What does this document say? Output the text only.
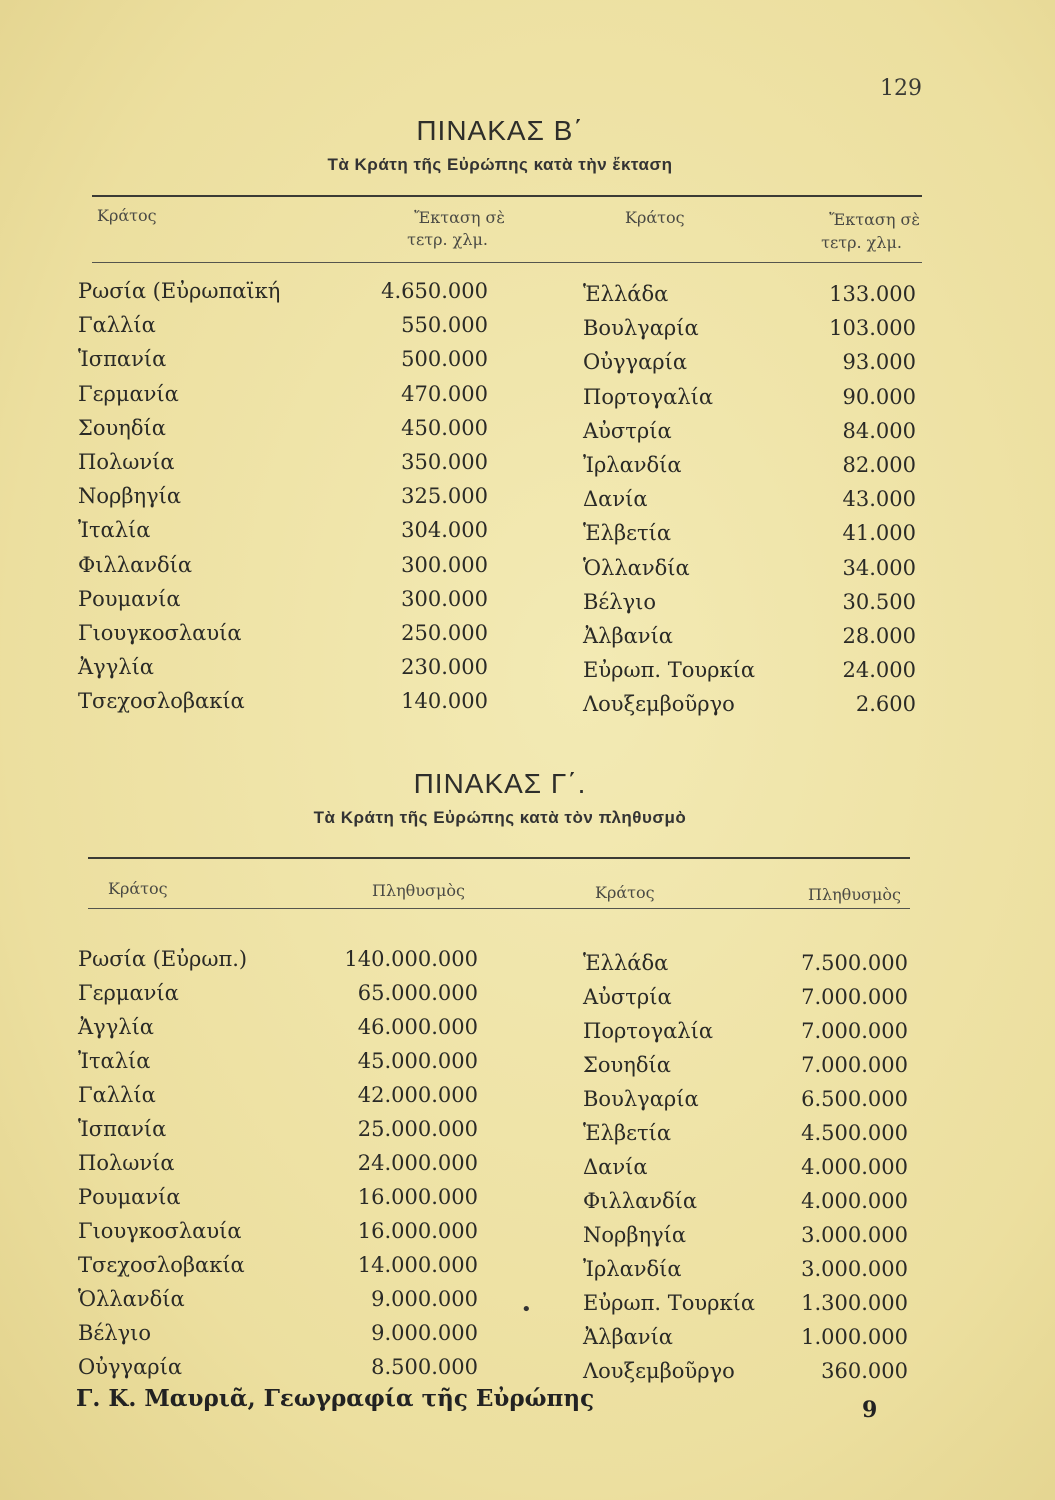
129
ΠΙΝΑΚΑΣ Β΄
Τὰ Κράτη τῆς Εὐρώπης κατὰ τὴν ἔκταση
Κράτος	Ἔκταση σὲ
τετρ. χλμ.
Κράτος	Ἔκταση σὲ
τετρ. χλμ.
Ρωσία (Εὐρωπαϊκή	4.650.000
Γαλλία	550.000
Ἱσπανία	500.000
Γερμανία	470.000
Σουηδία	450.000
Πολωνία	350.000
Νορβηγία	325.000
Ἰταλία	304.000
Φιλλανδία	300.000
Ρουμανία	300.000
Γιουγκοσλαυία	250.000
Ἀγγλία	230.000
Τσεχοσλοβακία	140.000
Ἑλλάδα	133.000
Βουλγαρία	103.000
Οὐγγαρία	93.000
Πορτογαλία	90.000
Αὐστρία	84.000
Ἰρλανδία	82.000
Δανία	43.000
Ἑλβετία	41.000
Ὁλλανδία	34.000
Βέλγιο	30.500
Ἀλβανία	28.000
Εὐρωπ. Τουρκία	24.000
Λουξεμβοῦργο	2.600
ΠΙΝΑΚΑΣ Γ΄.
Τὰ Κράτη τῆς Εὐρώπης κατὰ τὸν πληθυσμὸ
Κράτος	Πληθυσμὸς	Κράτος	Πληθυσμὸς
Ρωσία (Εὐρωπ.)	140.000.000
Γερμανία	65.000.000
Ἀγγλία	46.000.000
Ἰταλία	45.000.000
Γαλλία	42.000.000
Ἱσπανία	25.000.000
Πολωνία	24.000.000
Ρουμανία	16.000.000
Γιουγκοσλαυία	16.000.000
Τσεχοσλοβακία	14.000.000
Ὁλλανδία	9.000.000
Βέλγιο	9.000.000
Οὐγγαρία	8.500.000
Ἑλλάδα	7.500.000
Αὐστρία	7.000.000
Πορτογαλία	7.000.000
Σουηδία	7.000.000
Βουλγαρία	6.500.000
Ἑλβετία	4.500.000
Δανία	4.000.000
Φιλλανδία	4.000.000
Νορβηγία	3.000.000
Ἰρλανδία	3.000.000
Εὐρωπ. Τουρκία	1.300.000
Ἀλβανία	1.000.000
Λουξεμβοῦργο	360.000
•
Γ. Κ. Μαυριᾶ, Γεωγραφία τῆς Εὐρώπης	9
